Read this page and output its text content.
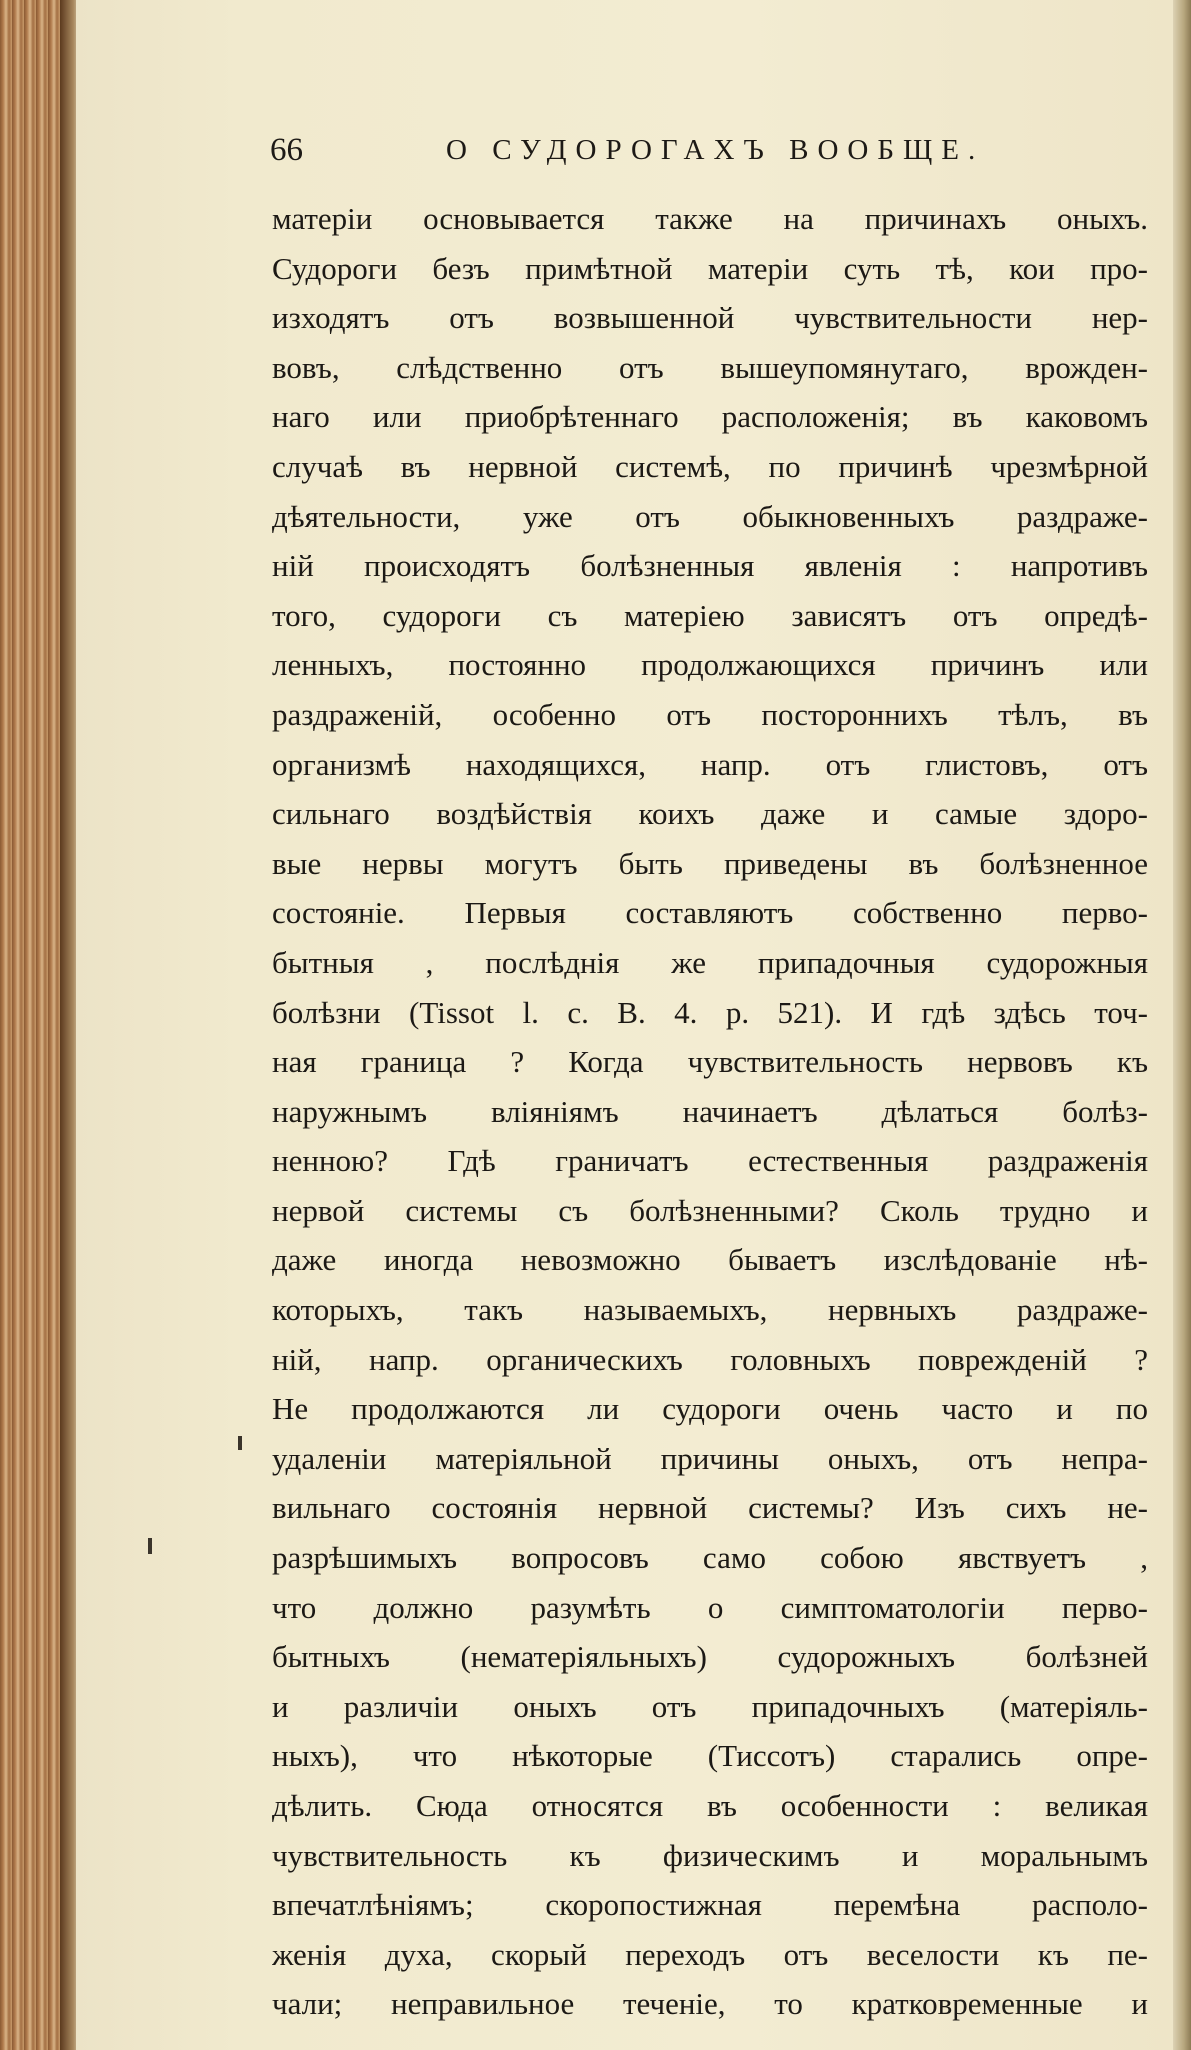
66	О СУДОРОГАХЪ ВООБЩЕ.
матеріи основывается также на причинахъ оныхъ.
Судороги безъ примѣтной матеріи суть тѣ, кои про-
изходятъ отъ возвышенной чувствительности нер-
вовъ, слѣдственно отъ вышеупомянутаго, врожден-
наго или приобрѣтеннаго расположенія; въ каковомъ
случаѣ въ нервной системѣ, по причинѣ чрезмѣрной
дѣятельности, уже отъ обыкновенныхъ раздраже-
ній происходятъ болѣзненныя явленія : напротивъ
того, судороги съ матеріею зависятъ отъ опредѣ-
ленныхъ, постоянно продолжающихся причинъ или
раздраженій, особенно отъ постороннихъ тѣлъ, въ
организмѣ находящихся, напр. отъ глистовъ, отъ
сильнаго воздѣйствія коихъ даже и самые здоро-
вые нервы могутъ быть приведены въ болѣзненное
состояніе. Первыя составляютъ собственно перво-
бытныя , послѣднія же припадочныя судорожныя
болѣзни (Tissot l. c. B. 4. p. 521). И гдѣ здѣсь точ-
ная граница ? Когда чувствительность нервовъ къ
наружнымъ вліяніямъ начинаетъ дѣлаться болѣз-
ненною? Гдѣ граничатъ естественныя раздраженія
нервой системы съ болѣзненными? Сколь трудно и
даже иногда невозможно бываетъ изслѣдованіе нѣ-
которыхъ, такъ называемыхъ, нервныхъ раздраже-
ній, напр. органическихъ головныхъ поврежденій ?
Не продолжаются ли судороги очень часто и по
удаленіи матеріяльной причины оныхъ, отъ непра-
вильнаго состоянія нервной системы? Изъ сихъ не-
разрѣшимыхъ вопросовъ само собою явствуетъ ,
что должно разумѣть о симптоматологіи перво-
бытныхъ (нематеріяльныхъ) судорожныхъ болѣзней
и различіи оныхъ отъ припадочныхъ (матеріяль-
ныхъ), что нѣкоторые (Тиссотъ) старались опре-
дѣлить. Сюда относятся въ особенности : великая
чувствительность къ физическимъ и моральнымъ
впечатлѣніямъ; скоропостижная перемѣна располо-
женія духа, скорый переходъ отъ веселости къ пе-
чали; неправильное теченіе, то кратковременные и
